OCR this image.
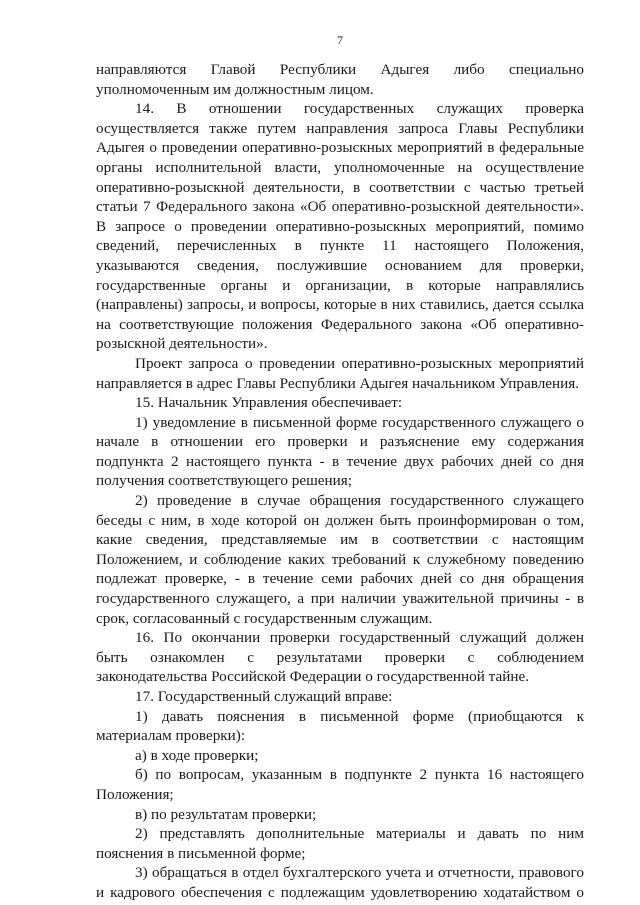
7

направляются Главой Республики Адыгея либо специально уполномоченным им должностным лицом.

14. В отношении государственных служащих проверка осуществляется также путем направления запроса Главы Республики Адыгея о проведении оперативно-розыскных мероприятий в федеральные органы исполнительной власти, уполномоченные на осуществление оперативно-розыскной деятельности, в соответствии с частью третьей статьи 7 Федерального закона «Об оперативно-розыскной деятельности». В запросе о проведении оперативно-розыскных мероприятий, помимо сведений, перечисленных в пункте 11 настоящего Положения, указываются сведения, послужившие основанием для проверки, государственные органы и организации, в которые направлялись (направлены) запросы, и вопросы, которые в них ставились, дается ссылка на соответствующие положения Федерального закона «Об оперативно-розыскной деятельности».

Проект запроса о проведении оперативно-розыскных мероприятий направляется в адрес Главы Республики Адыгея начальником Управления.

15. Начальник Управления обеспечивает:

1) уведомление в письменной форме государственного служащего о начале в отношении его проверки и разъяснение ему содержания подпункта 2 настоящего пункта - в течение двух рабочих дней со дня получения соответствующего решения;

2) проведение в случае обращения государственного служащего беседы с ним, в ходе которой он должен быть проинформирован о том, какие сведения, представляемые им в соответствии с настоящим Положением, и соблюдение каких требований к служебному поведению подлежат проверке, - в течение семи рабочих дней со дня обращения государственного служащего, а при наличии уважительной причины - в срок, согласованный с государственным служащим.

16. По окончании проверки государственный служащий должен быть ознакомлен с результатами проверки с соблюдением законодательства Российской Федерации о государственной тайне.

17. Государственный служащий вправе:

1) давать пояснения в письменной форме (приобщаются к материалам проверки):

а) в ходе проверки;

б) по вопросам, указанным в подпункте 2 пункта 16 настоящего Положения;

в) по результатам проверки;

2) представлять дополнительные материалы и давать по ним пояснения в письменной форме;

3) обращаться в отдел бухгалтерского учета и отчетности, правового и кадрового обеспечения с подлежащим удовлетворению ходатайством о
